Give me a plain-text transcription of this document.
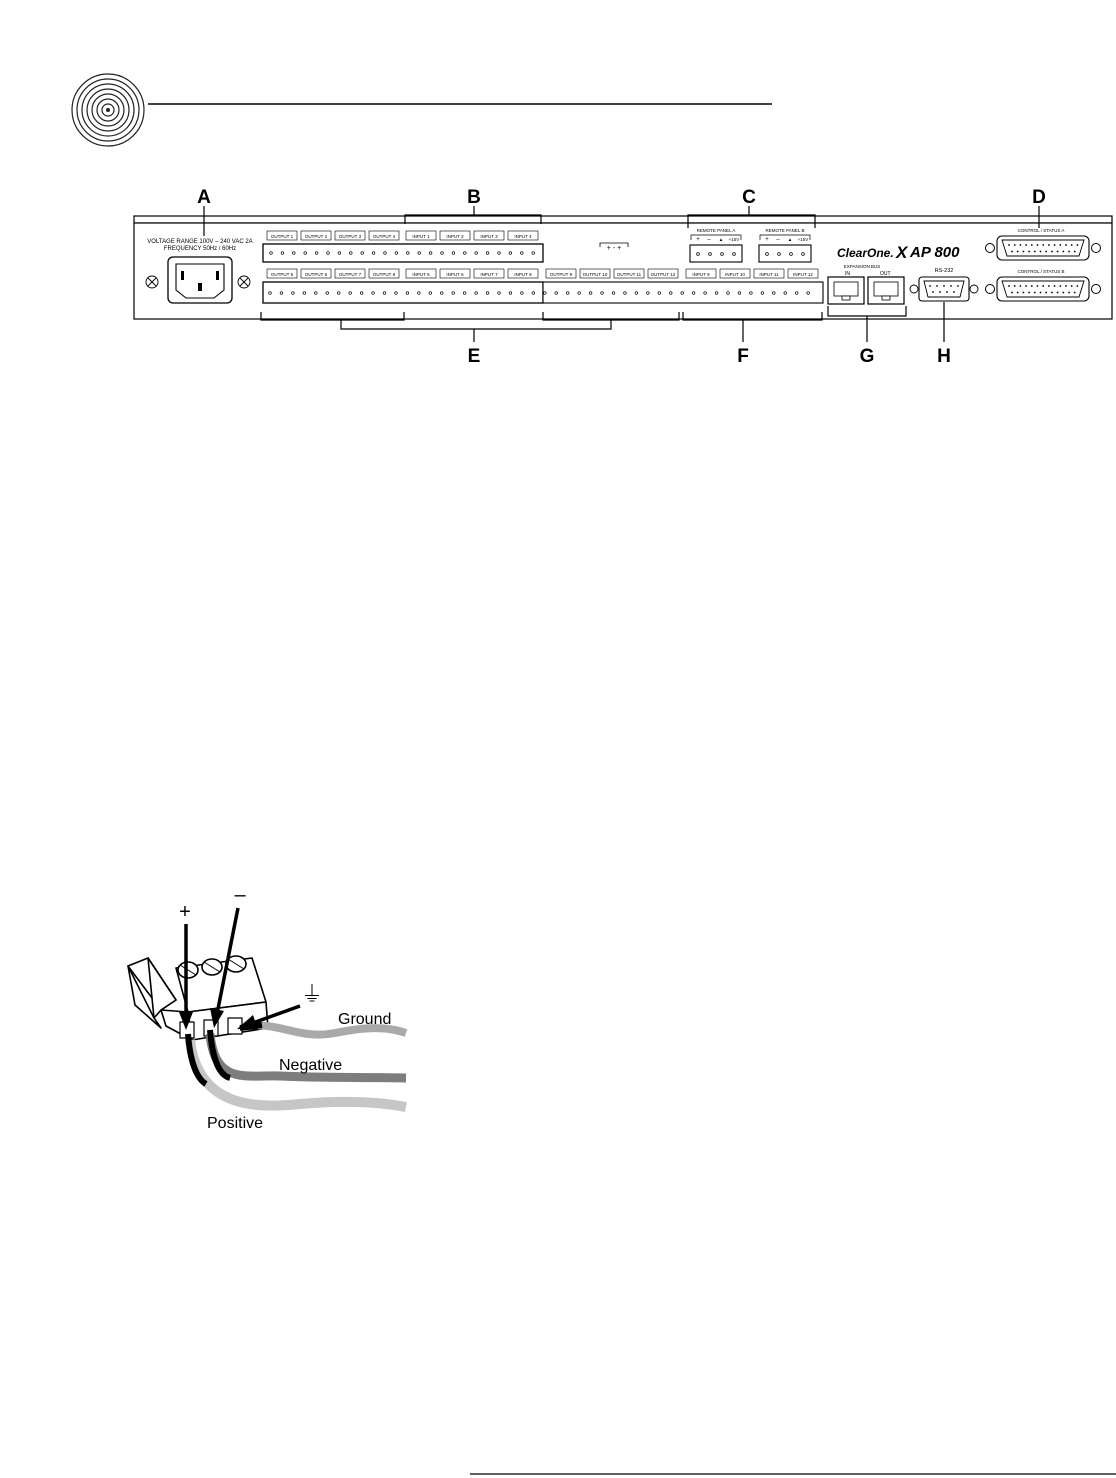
A	B	C	D
E	F	G	H
VOLTAGE RANGE 100V – 240 VAC 2A
FREQUENCY 50Hz / 60Hz
OUTPUT 1	OUTPUT 2	OUTPUT 3	OUTPUT 4	INPUT 1	INPUT 2	INPUT 3	INPUT 4
+ - +
OUTPUT 5	OUTPUT 6	OUTPUT 7	OUTPUT 8	INPUT 5	INPUT 6	INPUT 7	INPUT 8	OUTPUT 9 OUTPUT 10 OUTPUT 11 OUTPUT 12	INPUT 9	INPUT 10	INPUT 11	INPUT 12
REMOTE PANEL A
+ – ▲ +15V
REMOTE PANEL B
+ – ▲ +15V
ClearOne. X AP 800
EXPANSION BUS
IN	OUT	RS-232
CONTROL / STATUS A
CONTROL / STATUS B
+
–
⏚
Ground
Negative
Positive
